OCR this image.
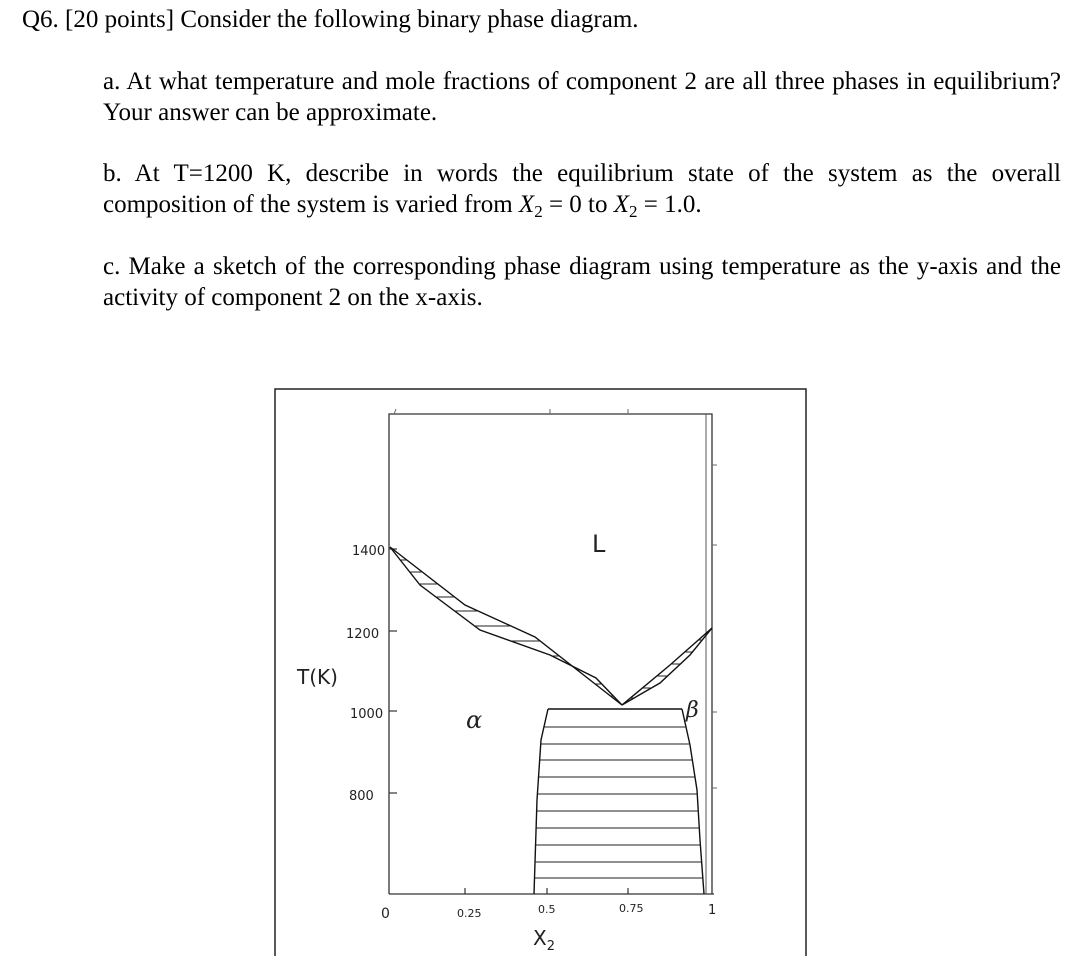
Q6. [20 points] Consider the following binary phase diagram.
a. At what temperature and mole fractions of component 2 are all three phases in equilibrium? Your answer can be approximate.
b. At T=1200 K, describe in words the equilibrium state of the system as the overall composition of the system is varied from $X_2 = 0$ to $X_2 = 1.0$.
c. Make a sketch of the corresponding phase diagram using temperature as the y-axis and the activity of component 2 on the x-axis.
1400
1200
1000
800
0	0.25	0.5	0.75	1
T(K)
$X_2$
L
α	β
